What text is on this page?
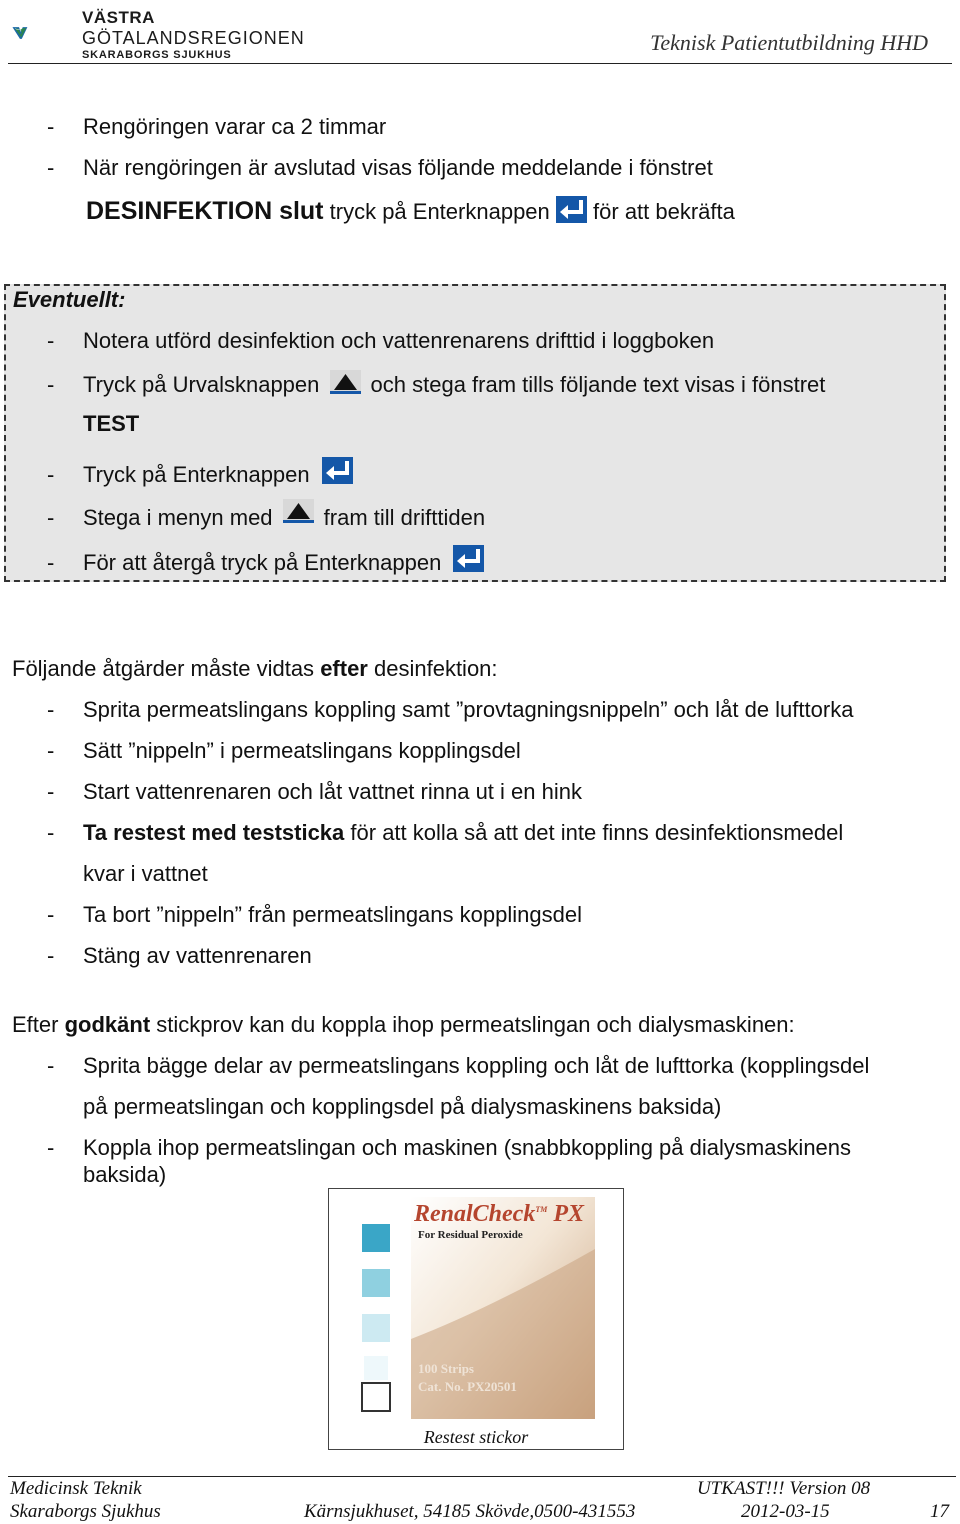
VÄSTRA
GÖTALANDSREGIONEN
SKARABORGS SJUKHUS	Teknisk Patientutbildning HHD
- Rengöringen varar ca 2 timmar
- När rengöringen är avslutad visas följande meddelande i fönstret
DESINFEKTION slut tryck på Enterknappen för att bekräfta
Eventuellt:
- Notera utförd desinfektion och vattenrenarens drifttid i loggboken
- Tryck på Urvalsknappen och stega fram tills följande text visas i fönstret
TEST
- Tryck på Enterknappen
- Stega i menyn med fram till drifttiden
- För att återgå tryck på Enterknappen
Följande åtgärder måste vidtas efter desinfektion:
- Sprita permeatslingans koppling samt ”provtagningsnippeln” och låt de lufttorka
- Sätt ”nippeln” i permeatslingans kopplingsdel
- Start vattenrenaren och låt vattnet rinna ut i en hink
- Ta restest med teststicka för att kolla så att det inte finns desinfektionsmedel
kvar i vattnet
- Ta bort ”nippeln” från permeatslingans kopplingsdel
- Stäng av vattenrenaren
Efter godkänt stickprov kan du koppla ihop permeatslingan och dialysmaskinen:
- Sprita bägge delar av permeatslingans koppling och låt de lufttorka (kopplingsdel
på permeatslingan och kopplingsdel på dialysmaskinens baksida)
- Koppla ihop permeatslingan och maskinen (snabbkoppling på dialysmaskinens
baksida)
RenalCheck™ PX
For Residual Peroxide
100 Strips
Cat. No. PX20501
Restest stickor
Medicinsk Teknik
Skaraborgs Sjukhus	Kärnsjukhuset, 54185 Skövde,0500-431553
UTKAST!!! Version 08
2012-03-15	17
